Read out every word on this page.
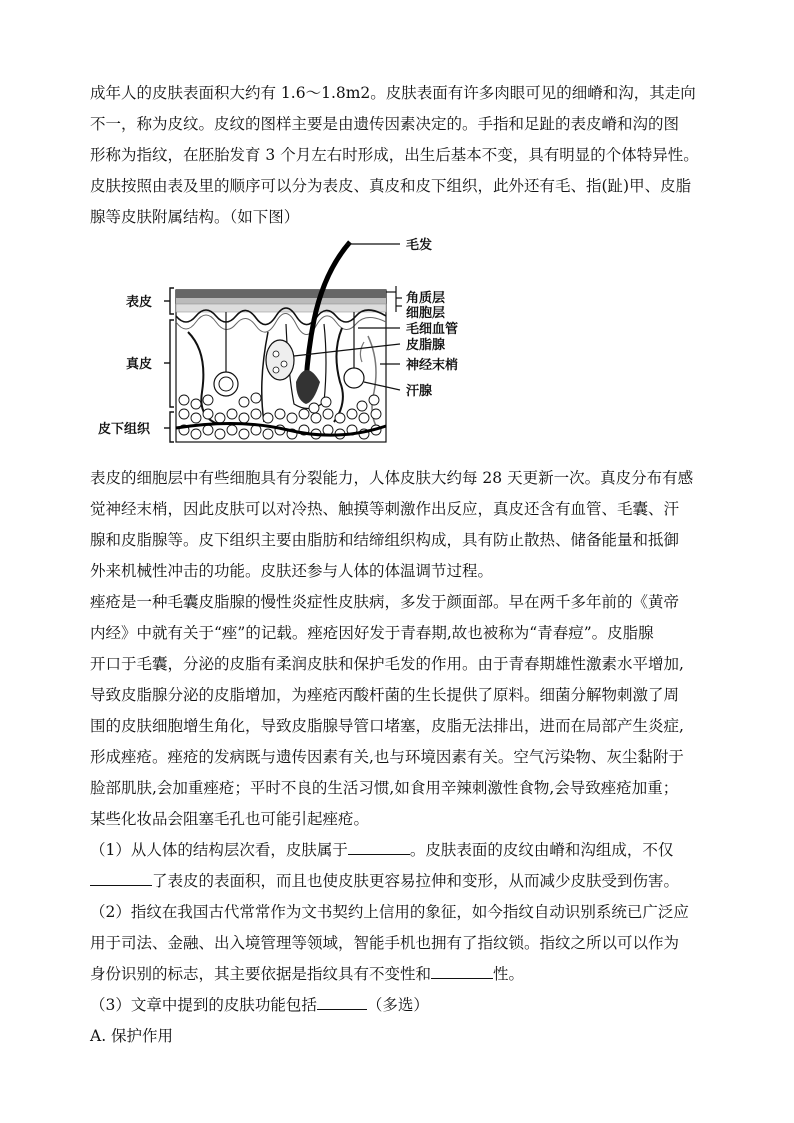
成年人的皮肤表面积大约有 1.6～1.8m2。皮肤表面有许多肉眼可见的细嵴和沟，其走向
不一，称为皮纹。皮纹的图样主要是由遗传因素决定的。手指和足趾的表皮嵴和沟的图
形称为指纹，在胚胎发育 3 个月左右时形成，出生后基本不变，具有明显的个体特异性。
皮肤按照由表及里的顺序可以分为表皮、真皮和皮下组织，此外还有毛、指(趾)甲、皮脂
腺等皮肤附属结构。（如下图）
表皮
真皮
皮下组织
毛发
角质层
细胞层
毛细血管
皮脂腺
神经末梢
汗腺
表皮的细胞层中有些细胞具有分裂能力，人体皮肤大约每 28 天更新一次。真皮分布有感
觉神经末梢，因此皮肤可以对冷热、触摸等刺激作出反应，真皮还含有血管、毛囊、汗
腺和皮脂腺等。皮下组织主要由脂肪和结缔组织构成，具有防止散热、储备能量和抵御
外来机械性冲击的功能。皮肤还参与人体的体温调节过程。
痤疮是一种毛囊皮脂腺的慢性炎症性皮肤病，多发于颜面部。早在两千多年前的《黄帝
内经》中就有关于“痤”的记载。痤疮因好发于青春期,故也被称为“青春痘”。皮脂腺
开口于毛囊，分泌的皮脂有柔润皮肤和保护毛发的作用。由于青春期雄性激素水平增加,
导致皮脂腺分泌的皮脂增加，为痤疮丙酸杆菌的生长提供了原料。细菌分解物刺激了周
围的皮肤细胞增生角化，导致皮脂腺导管口堵塞，皮脂无法排出，进而在局部产生炎症,
形成痤疮。痤疮的发病既与遗传因素有关,也与环境因素有关。空气污染物、灰尘黏附于
脸部肌肤,会加重痤疮；平时不良的生活习惯,如食用辛辣刺激性食物,会导致痤疮加重；
某些化妆品会阻塞毛孔也可能引起痤疮。
（1）从人体的结构层次看，皮肤属于	。皮肤表面的皮纹由嵴和沟组成，不仅
了表皮的表面积，而且也使皮肤更容易拉伸和变形，从而减少皮肤受到伤害。
（2）指纹在我国古代常常作为文书契约上信用的象征，如今指纹自动识别系统已广泛应
用于司法、金融、出入境管理等领域，智能手机也拥有了指纹锁。指纹之所以可以作为
身份识别的标志，其主要依据是指纹具有不变性和	性。
（3）文章中提到的皮肤功能包括	（多选）
A. 保护作用
